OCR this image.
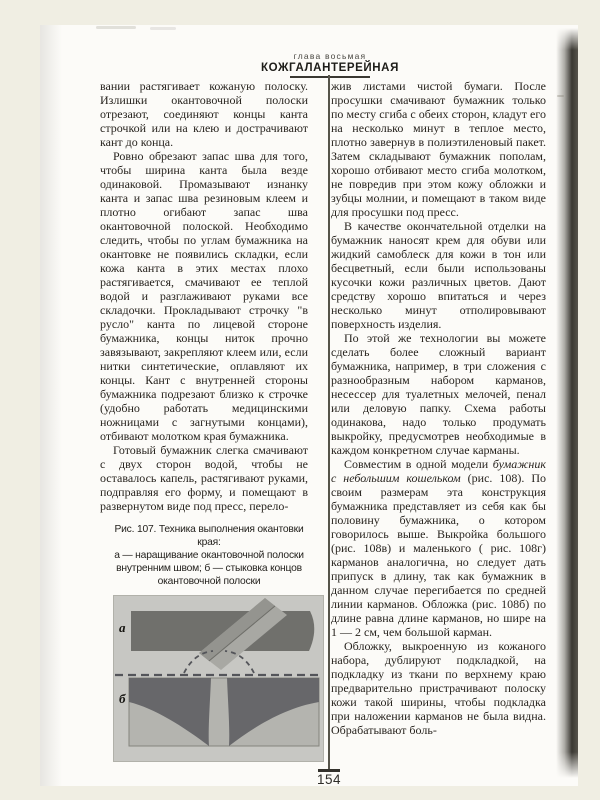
глава восьмая
КОЖГАЛАНТЕРЕЙНАЯ

вании растягивает кожаную полоску. Излишки окантовочной полоски отрезают, соединяют концы канта строчкой или на клею и дострачивают кант до конца.

Ровно обрезают запас шва для того, чтобы ширина канта была везде одинаковой. Промазывают изнанку канта и запас шва резиновым клеем и плотно огибают запас шва окантовочной полоской. Необходимо следить, чтобы по углам бумажника на окантовке не появились складки, если кожа канта в этих местах плохо растягивается, смачивают ее теплой водой и разглаживают руками все складочки. Прокладывают строчку "в русло" канта по лицевой стороне бумажника, концы ниток прочно завязывают, закрепляют клеем или, если нитки синтетические, оплавляют их концы. Кант с внутренней стороны бумажника подрезают близко к строчке (удобно работать медицинскими ножницами с загнутыми концами), отбивают молотком края бумажника.

Готовый бумажник слегка смачивают с двух сторон водой, чтобы не оставалось капель, растягивают руками, подправляя его форму, и помещают в развернутом виде под пресс, перело-

Рис. 107. Техника выполнения окантовки края:
а — наращивание окантовочной полоски
внутренним швом; б — стыковка концов
окантовочной полоски
а
б

жив листами чистой бумаги. После просушки смачивают бумажник только по месту сгиба с обеих сторон, кладут его на несколько минут в теплое место, плотно завернув в полиэтиленовый пакет. Затем складывают бумажник пополам, хорошо отбивают место сгиба молотком, не повредив при этом кожу обложки и зубцы молнии, и помещают в таком виде для просушки под пресс.

В качестве окончательной отделки на бумажник наносят крем для обуви или жидкий самоблеск для кожи в тон или бесцветный, если были использованы кусочки кожи различных цветов. Дают средству хорошо впитаться и через несколько минут отполировывают поверхность изделия.

По этой же технологии вы можете сделать более сложный вариант бумажника, например, в три сложения с разнообразным набором карманов, несессер для туалетных мелочей, пенал или деловую папку. Схема работы одинакова, надо только продумать выкройку, предусмотрев необходимые в каждом конкретном случае карманы.

Совместим в одной модели бумажник с небольшим кошельком (рис. 108). По своим размерам эта конструкция бумажника представляет из себя как бы половину бумажника, о котором говорилось выше. Выкройка большого (рис. 108в) и маленького ( рис. 108г) карманов аналогична, но следует дать припуск в длину, так как бумажник в данном случае перегибается по средней линии карманов. Обложка (рис. 108б) по длине равна длине карманов, но шире на 1 — 2 см, чем большой карман.

Обложку, выкроенную из кожаного набора, дублируют подкладкой, на подкладку из ткани по верхнему краю предварительно пристрачивают полоску кожи такой ширины, чтобы подкладка при наложении карманов не была видна. Обрабатывают боль-

154
